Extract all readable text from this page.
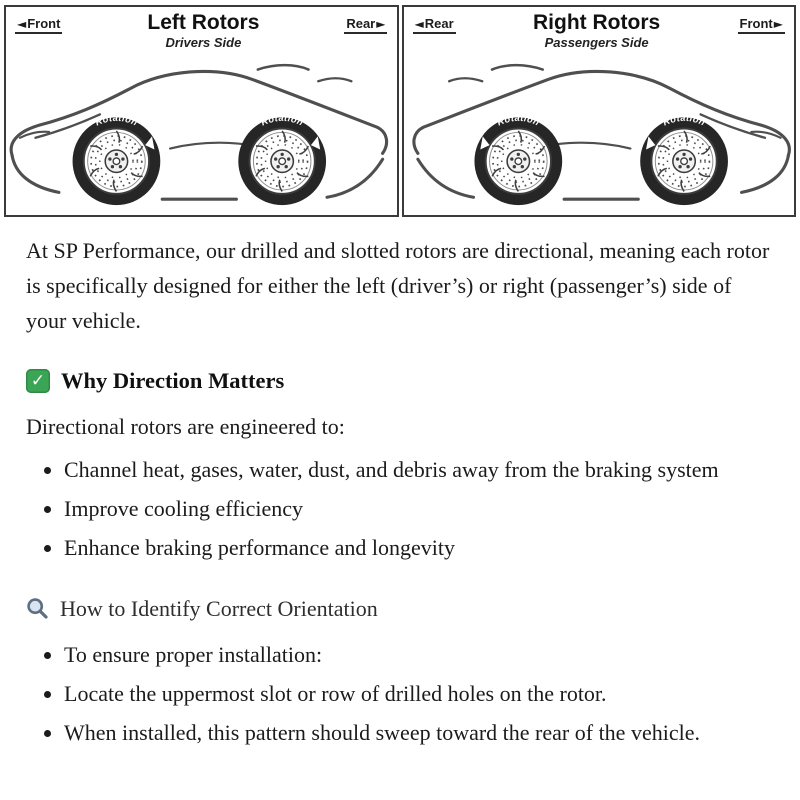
◄ Front	Left Rotors
Drivers Side
Rear ►
Rotation	Rotation
◄ Rear	Right Rotors
Passengers Side
Front ►
Rotation	Rotation

At SP Performance, our drilled and slotted rotors are directional, meaning each rotor is specifically designed for either the left (driver’s) or right (passenger’s) side of your vehicle.

✓ Why Direction Matters

Directional rotors are engineered to:

• Channel heat, gases, water, dust, and debris away from the braking system
• Improve cooling efficiency
• Enhance braking performance and longevity
How to Identify Correct Orientation
• To ensure proper installation:
• Locate the uppermost slot or row of drilled holes on the rotor.
• When installed, this pattern should sweep toward the rear of the vehicle.
